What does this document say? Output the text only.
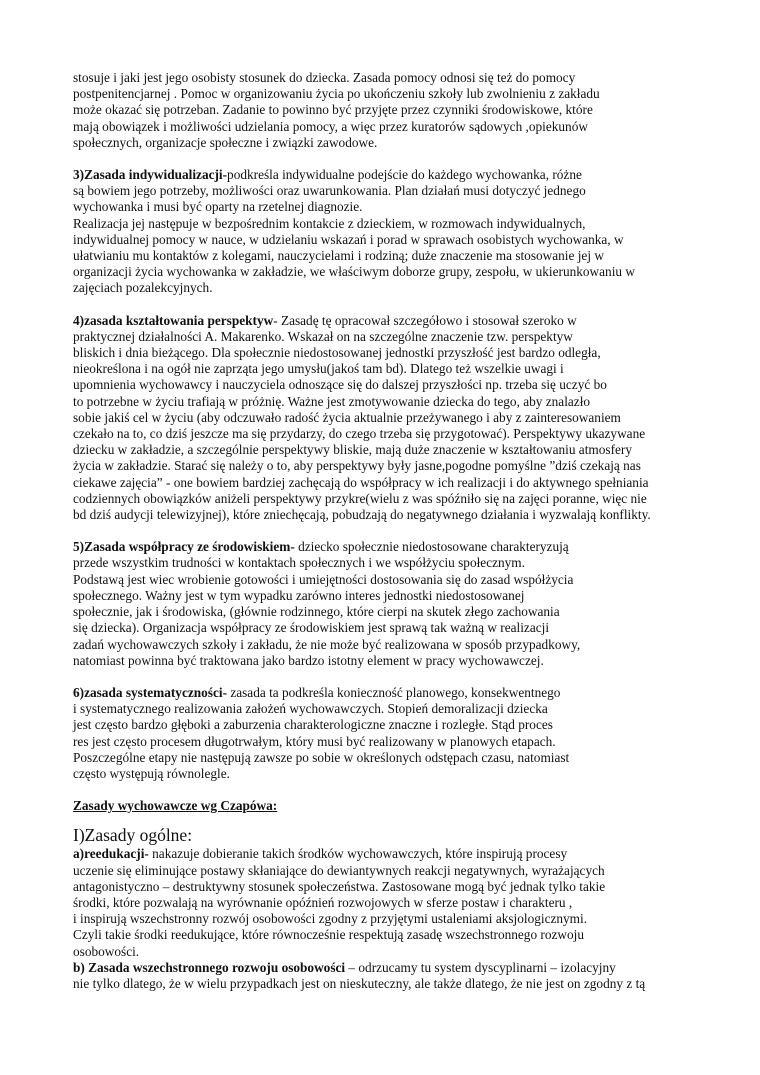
stosuje i jaki jest jego osobisty stosunek do dziecka. Zasada pomocy odnosi się też do pomocy
postpenitencjarnej . Pomoc w organizowaniu życia po ukończeniu szkoły lub zwolnieniu z zakładu
może okazać się potrzeban. Zadanie to powinno być przyjęte przez czynniki środowiskowe, które
mają obowiązek i możliwości udzielania pomocy, a więc przez kuratorów sądowych ,opiekunów
społecznych, organizacje społeczne i związki zawodowe.
3)Zasada indywidualizacji-podkreśla indywidualne podejście do każdego wychowanka, różne
są bowiem jego potrzeby, możliwości oraz uwarunkowania. Plan działań musi dotyczyć jednego
wychowanka i musi być oparty na rzetelnej diagnozie.
Realizacja jej następuje w bezpośrednim kontakcie z dzieckiem, w rozmowach indywidualnych,
indywidualnej pomocy w nauce, w udzielaniu wskazań i porad w sprawach osobistych wychowanka, w
ułatwianiu mu kontaktów z kolegami, nauczycielami i rodziną; duże znaczenie ma stosowanie jej w
organizacji życia wychowanka w zakładzie, we właściwym doborze grupy, zespołu, w ukierunkowaniu w
zajęciach pozalekcyjnych.
4)zasada kształtowania perspektyw- Zasadę tę opracował szczegółowo i stosował szeroko w
praktycznej działalności A. Makarenko. Wskazał on na szczególne znaczenie tzw. perspektyw
bliskich i dnia bieżącego. Dla społecznie niedostosowanej jednostki przyszłość jest bardzo odległa,
nieokreślona i na ogół nie zaprząta jego umysłu(jakoś tam bd). Dlatego też wszelkie uwagi i
upomnienia wychowawcy i nauczyciela odnoszące się do dalszej przyszłości np. trzeba się uczyć bo
to potrzebne w życiu trafiają w próżnię. Ważne jest zmotywowanie dziecka do tego, aby znalazło
sobie jakiś cel w życiu (aby odczuwało radość życia aktualnie przeżywanego i aby z zainteresowaniem
czekało na to, co dziś jeszcze ma się przydarzy, do czego trzeba się przygotować). Perspektywy ukazywane
dziecku w zakładzie, a szczególnie perspektywy bliskie, mają duże znaczenie w kształtowaniu atmosfery
życia w zakładzie. Starać się należy o to, aby perspektywy były jasne,pogodne pomyślne ”dziś czekają nas
ciekawe zajęcia” - one bowiem bardziej zachęcają do współpracy w ich realizacji i do aktywnego spełniania
codziennych obowiązków aniżeli perspektywy przykre(wielu z was spóźniło się na zajęci poranne, więc nie
bd dziś audycji telewizyjnej), które zniechęcają, pobudzają do negatywnego działania i wyzwalają konflikty.
5)Zasada współpracy ze środowiskiem- dziecko społecznie niedostosowane charakteryzują
przede wszystkim trudności w kontaktach społecznych i we współżyciu społecznym.
Podstawą jest wiec wrobienie gotowości i umiejętności dostosowania się do zasad współżycia
społecznego. Ważny jest w tym wypadku zarówno interes jednostki niedostosowanej
społecznie, jak i środowiska, (głównie rodzinnego, które cierpi na skutek złego zachowania
się dziecka). Organizacja współpracy ze środowiskiem jest sprawą tak ważną w realizacji
zadań wychowawczych szkoły i zakładu, że nie może być realizowana w sposób przypadkowy,
natomiast powinna być traktowana jako bardzo istotny element w pracy wychowawczej.
6)zasada systematyczności- zasada ta podkreśla konieczność planowego, konsekwentnego
i systematycznego realizowania założeń wychowawczych. Stopień demoralizacji dziecka
jest często bardzo głęboki a zaburzenia charakterologiczne znaczne i rozległe. Stąd proces
res jest często procesem długotrwałym, który musi być realizowany w planowych etapach.
Poszczególne etapy nie następują zawsze po sobie w określonych odstępach czasu, natomiast
często występują równolegle.
Zasady wychowawcze wg Czapówa:
I)Zasady ogólne:
a)reedukacji- nakazuje dobieranie takich środków wychowawczych, które inspirują procesy
uczenie się eliminujące postawy skłaniające do dewiantywnych reakcji negatywnych, wyrażających
antagonistyczno – destruktywny stosunek społeczeństwa. Zastosowane mogą być jednak tylko takie
środki, które pozwalają na wyrównanie opóźnień rozwojowych w sferze postaw i charakteru ,
i inspirują wszechstronny rozwój osobowości zgodny z przyjętymi ustaleniami aksjologicznymi.
Czyli takie środki reedukujące, które równocześnie respektują zasadę wszechstronnego rozwoju
osobowości.
b) Zasada wszechstronnego rozwoju osobowości – odrzucamy tu system dyscyplinarni – izolacyjny
nie tylko dlatego, że w wielu przypadkach jest on nieskuteczny, ale także dlatego, że nie jest on zgodny z tą
